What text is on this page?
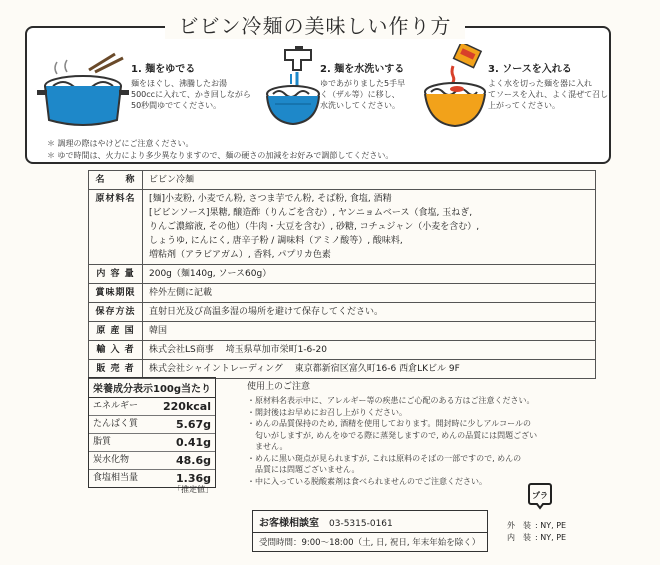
1. 麺をゆでる
麺をほぐし、沸騰したお湯
500ccに入れて、かき回しながら
50秒間ゆでてください。
2. 麺を水洗いする
ゆであがりました5手早
く（ザル等）に移し、
水洗いしてください。
3. ソースを入れる
よく水を切った麺を器に入れ
てソースを入れ、よく混ぜて召し
上がってください。
＊ 調理の際はやけどにご注意ください。
＊ ゆで時間は、火力により多少異なりますので、麺の硬さの加減をお好みで調節してください。
ビビン冷麺の美味しい作り方
名　　称	ビビン冷麺

原材料名	[麺]小麦粉, 小麦でん粉, さつま芋でん粉, そば粉, 食塩, 酒精
[ビビンソース]果糖, 醸造酢（りんごを含む）, ヤンニョムベース（食塩, 玉ねぎ,
りんご濃縮液, その他）（牛肉・大豆を含む）, 砂糖, コチュジャン（小麦を含む）,
しょうゆ, にんにく, 唐辛子粉 / 調味料（アミノ酸等）, 酸味料,
増粘剤（アラビアガム）, 香料, パプリカ色素

内 容 量	200g（麺140g, ソース60g）

賞味期限	枠外左側に記載

保存方法	直射日光及び高温多湿の場所を避けて保存してください。

原 産 国	韓国

輸 入 者	株式会社LS商事　 埼玉県草加市栄町1-6-20

販 売 者	株式会社シャイントレーディング　 東京都新宿区富久町16-6 西倉LKビル 9F
栄養成分表示100g当たり
エネルギー 220kcal
たんぱく質	5.67g
脂質	0.41g
炭水化物	48.6g
食塩相当量	1.36g
「推定値」
使用上のご注意
・原材料名表示中に、アレルギー等の疾患にご心配のある方はご注意ください。
・開封後はお早めにお召し上がりください。
・めんの品質保持のため, 酒精を使用しております。開封時に少しアルコールの
　匂いがしますが, めんをゆでる際に蒸発しますので, めんの品質には問題ござい
　ません。
・めんに黒い斑点が見られますが, これは原料のそばの一部ですので, めんの
　品質には問題ございません。
・中に入っている脱酸素剤は食べられませんのでご注意ください。
プラ
お客様相談室 03-5315-0161
受問時間：9:00～18:00（土, 日, 祝日, 年末年始を除く）
外　装 : NY, PE
内　装 : NY, PE
